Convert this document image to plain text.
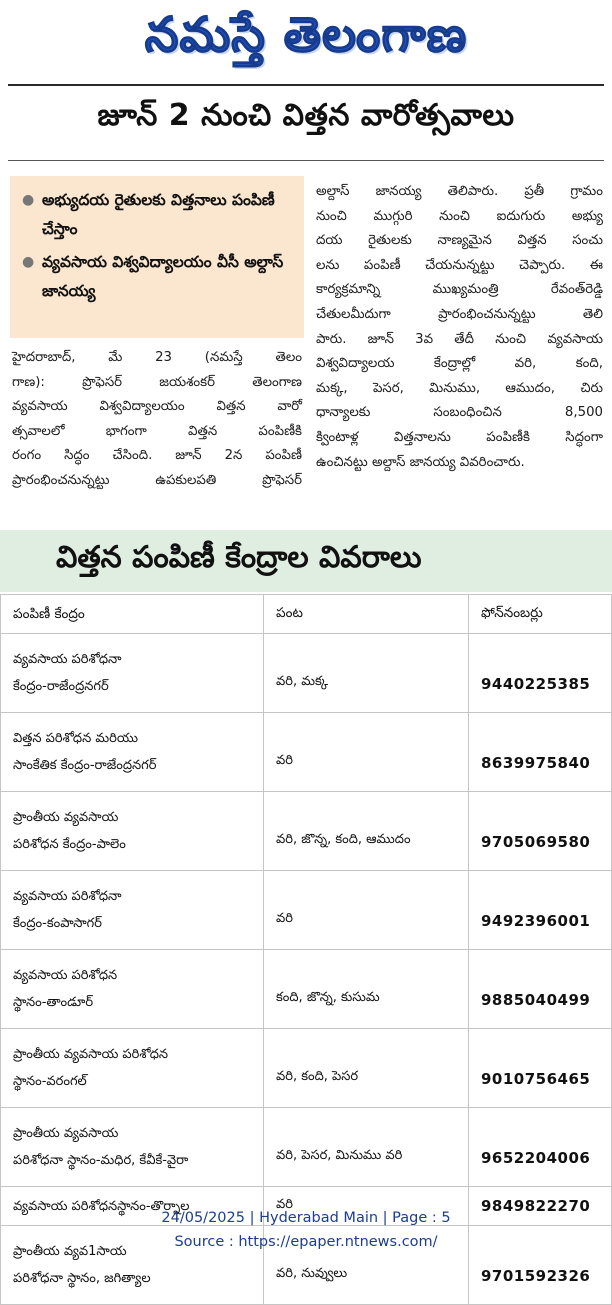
నమస్తే తెలంగాణ
జూన్ 2 నుంచి విత్తన వారోత్సవాలు
● అభ్యుదయ రైతులకు విత్తనాలు పంపిణీ చేస్తాం
● వ్యవసాయ విశ్వవిద్యాలయం వీసీ అల్దాస్ జానయ్య

హైదరాబాద్, మే 23 (నమస్తే తెలం

గాణ): ప్రొఫెసర్ జయశంకర్ తెలంగాణ

వ్యవసాయ విశ్వవిద్యాలయం విత్తన వారో

త్సవాలలో భాగంగా విత్తన పంపిణీకి

రంగం సిద్ధం చేసింది. జూన్ 2న పంపిణీ

ప్రారంభించనున్నట్టు ఉపకులపతి ప్రొఫెసర్

అల్దాస్ జానయ్య తెలిపారు. ప్రతీ గ్రామం

నుంచి ముగ్గురి నుంచి ఐదుగురు అభ్యు

దయ రైతులకు నాణ్యమైన విత్తన సంచు

లను పంపిణీ చేయనున్నట్టు చెప్పారు. ఈ

కార్యక్రమాన్ని ముఖ్యమంత్రి రేవంత్‌రెడ్డి

చేతులమీదుగా ప్రారంభించనున్నట్టు తెలి

పారు. జూన్ 3వ తేదీ నుంచి వ్యవసాయ

విశ్వవిద్యాలయ కేంద్రాల్లో వరి, కంది,

మక్క, పెసర, మినుము, ఆముదం, చిరు

ధాన్యాలకు సంబంధించిన 8,500

క్వింటాళ్ల విత్తనాలను పంపిణీకి సిద్ధంగా

ఉంచినట్టు అల్దాస్ జానయ్య వివరించారు.

విత్తన పంపిణీ కేంద్రాల వివరాలు
పంపిణీ కేంద్రం	పంట	ఫోన్‌నంబర్లు

వ్యవసాయ పరిశోధనా
కేంద్రం-రాజేంద్రనగర్	వరి, మక్క	9440225385

విత్తన పరిశోధన మరియు
సాంకేతిక కేంద్రం-రాజేంద్రనగర్	వరి	8639975840

ప్రాంతీయ వ్యవసాయ
పరిశోధన కేంద్రం-పాలెం	వరి, జొన్న, కంది, ఆముదం	9705069580

వ్యవసాయ పరిశోధనా
కేంద్రం-కంపాసాగర్	వరి	9492396001

వ్యవసాయ పరిశోధన
స్థానం-తాండూర్	కంది, జొన్న, కుసుమ	9885040499

ప్రాంతీయ వ్యవసాయ పరిశోధన
స్థానం-వరంగల్	వరి, కంది, పెసర	9010756465

ప్రాంతీయ వ్యవసాయ
పరిశోధనా స్థానం-మధిర, కేవీకే-వైరా	వరి, పెసర, మినుము వరి	9652204006

వ్యవసాయ పరిశోధనస్థానం-తొర్నాల	వరి	9849822270

ప్రాంతీయ వ్యవ1సాయ
పరిశోధనా స్థానం, జగిత్యాల	వరి, నువ్వులు	9701592326
24/05/2025 | Hyderabad Main | Page : 5
Source : https://epaper.ntnews.com/
